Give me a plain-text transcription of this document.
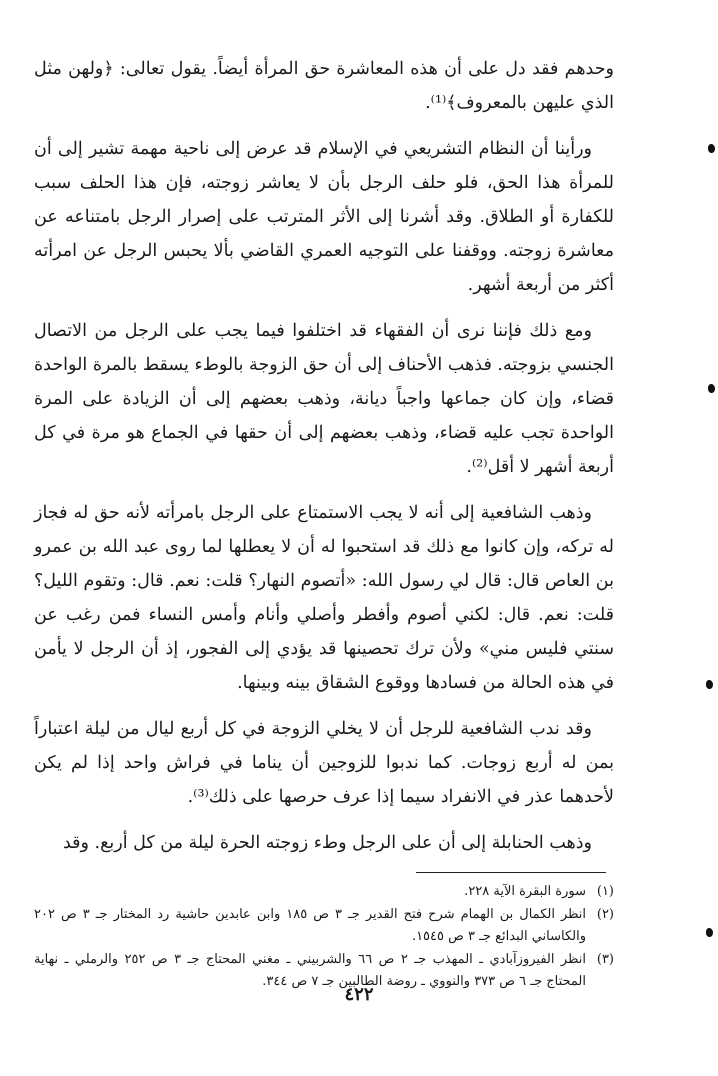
وحدهم فقد دل على أن هذه المعاشرة حق المرأة أيضاً. يقول تعالى: ﴿ولهن مثل الذي عليهن بالمعروف﴾⁽¹⁾.

ورأينا أن النظام التشريعي في الإسلام قد عرض إلى ناحية مهمة تشير إلى أن للمرأة هذا الحق، فلو حلف الرجل بأن لا يعاشر زوجته، فإن هذا الحلف سبب للكفارة أو الطلاق. وقد أشرنا إلى الأثر المترتب على إصرار الرجل بامتناعه عن معاشرة زوجته. ووقفنا على التوجيه العمري القاضي بألا يحبس الرجل عن امرأته أكثر من أربعة أشهر.

ومع ذلك فإننا نرى أن الفقهاء قد اختلفوا فيما يجب على الرجل من الاتصال الجنسي بزوجته. فذهب الأحناف إلى أن حق الزوجة بالوطء يسقط بالمرة الواحدة قضاء، وإن كان جماعها واجباً ديانة، وذهب بعضهم إلى أن الزيادة على المرة الواحدة تجب عليه قضاء، وذهب بعضهم إلى أن حقها في الجماع هو مرة في كل أربعة أشهر لا أقل⁽²⁾.

وذهب الشافعية إلى أنه لا يجب الاستمتاع على الرجل بامرأته لأنه حق له فجاز له تركه، وإن كانوا مع ذلك قد استحبوا له أن لا يعطلها لما روى عبد الله بن عمرو بن العاص قال: قال لي رسول الله: «أتصوم النهار؟ قلت: نعم. قال: وتقوم الليل؟ قلت: نعم. قال: لكني أصوم وأفطر وأصلي وأنام وأمس النساء فمن رغب عن سنتي فليس مني» ولأن ترك تحصينها قد يؤدي إلى الفجور، إذ أن الرجل لا يأمن في هذه الحالة من فسادها ووقوع الشقاق بينه وبينها.

وقد ندب الشافعية للرجل أن لا يخلي الزوجة في كل أربع ليال من ليلة اعتباراً بمن له أربع زوجات. كما ندبوا للزوجين أن يناما في فراش واحد إذا لم يكن لأحدهما عذر في الانفراد سيما إذا عرف حرصها على ذلك⁽³⁾.

وذهب الحنابلة إلى أن على الرجل وطء زوجته الحرة ليلة من كل أربع. وقد

(١)
سورة البقرة الآية ٢٢٨.
(٢)
انظر الكمال بن الهمام شرح فتح القدير جـ ٣ ص ١٨٥ وابن عابدين حاشية رد المختار جـ ٣ ص ٢٠٢ والكاساني البدائع جـ ٣ ص ١٥٤٥.
(٣)
انظر الفيروزآبادي ـ المهذب جـ ٢ ص ٦٦ والشربيني ـ مغني المحتاج جـ ٣ ص ٢٥٢ والرملي ـ نهاية المحتاج جـ ٦ ص ٣٧٣ والنووي ـ روضة الطالبين جـ ٧ ص ٣٤٤.
٤٢٢
